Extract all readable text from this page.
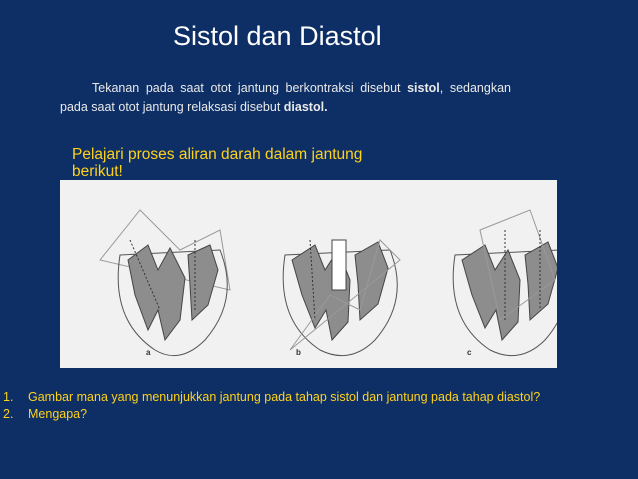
Sistol dan Diastol
Tekanan pada saat otot jantung berkontraksi disebut sistol, sedangkan pada saat otot jantung relaksasi disebut diastol.
a	b	c
Pelajari proses aliran darah dalam jantung berikut!
1.	Gambar mana yang menunjukkan jantung pada tahap sistol dan jantung pada tahap diastol?
2.	Mengapa?
